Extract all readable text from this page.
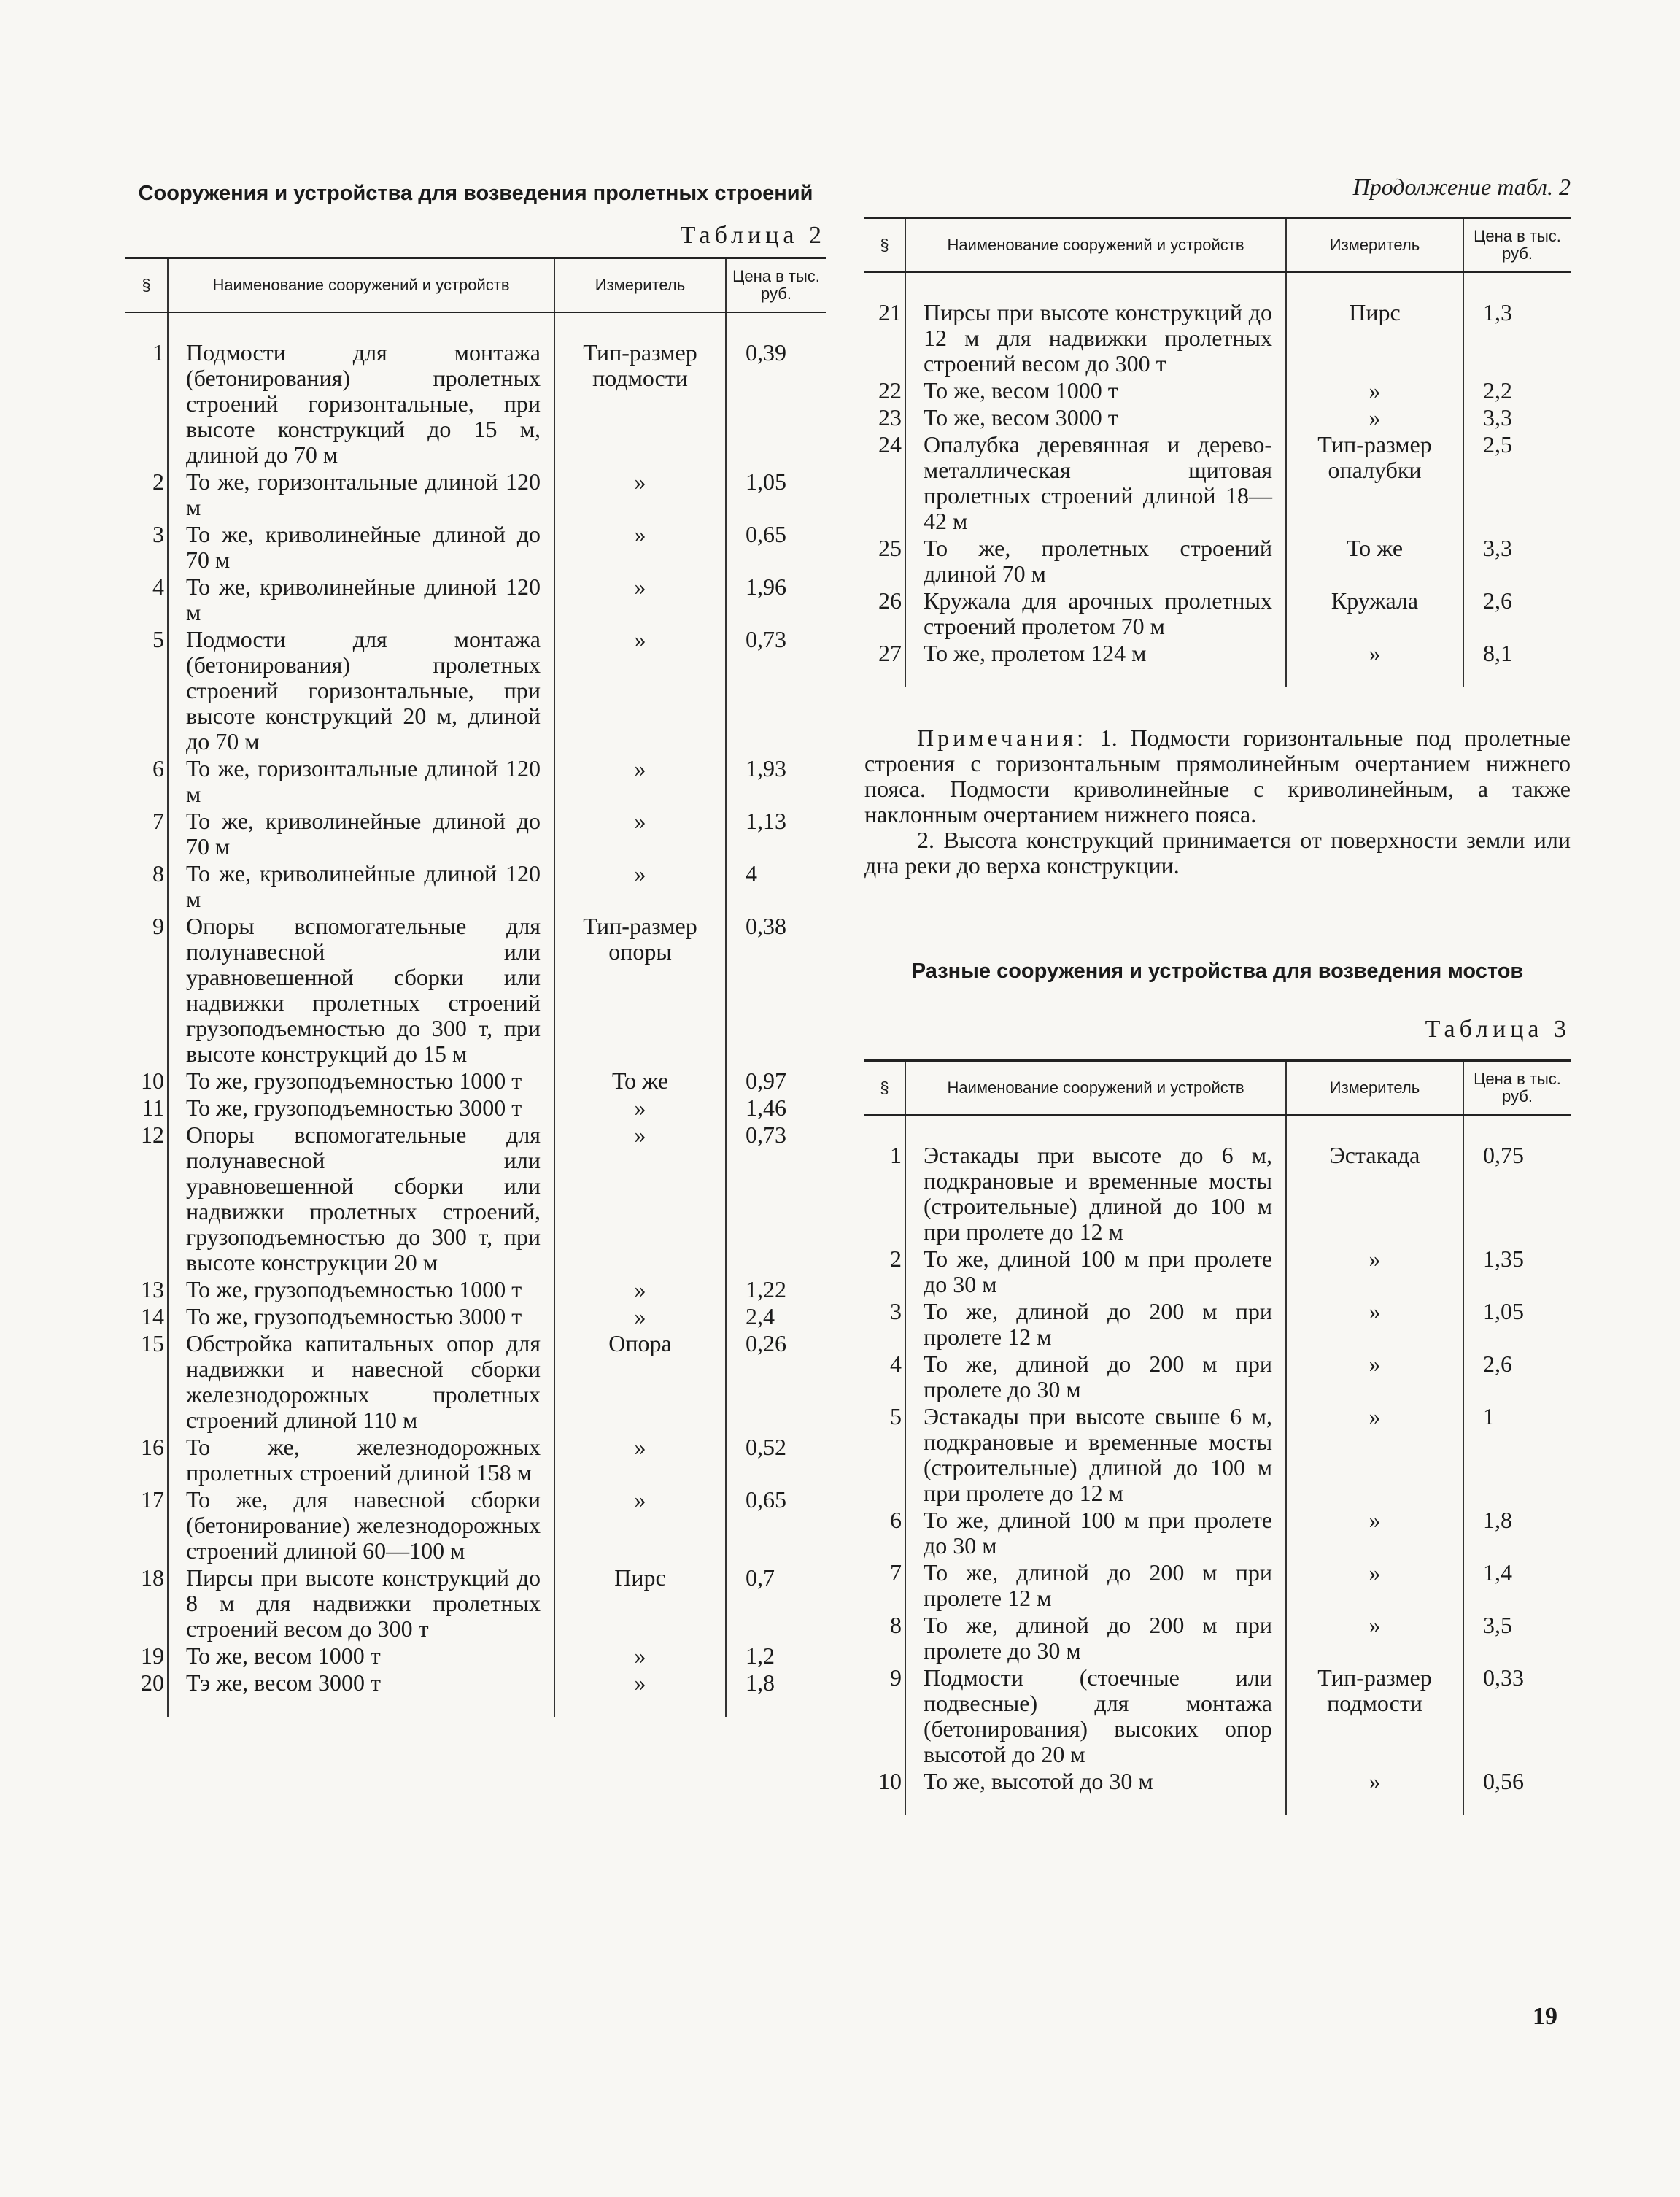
Сооружения и устройства для возведения пролетных строений
Таблица 2
§	Наименование сооружений и устройств	Измеритель	Цена в тыс. руб.

1	Подмости для монтажа (бетонирования) пролетных строений горизонтальные, при высоте конструкций до 15 м, длиной до 70 м	Тип-размер подмости	0,39
2	То же, горизонтальные длиной 120 м	»	1,05
3	То же, криволинейные длиной до 70 м	»	0,65
4	То же, криволинейные длиной 120 м	»	1,96
5	Подмости для монтажа (бетонирования) пролетных строений горизонтальные, при высоте конструкций 20 м, длиной до 70 м	»	0,73
6	То же, горизонтальные длиной 120 м	»	1,93
7	То же, криволинейные длиной до 70 м	»	1,13
8	То же, криволинейные длиной 120 м	»	4
9	Опоры вспомогательные для полунавесной или уравновешенной сборки или надвижки пролетных строений грузоподъемностью до 300 т, при высоте конструкций до 15 м	Тип-размер опоры	0,38
10	То же, грузоподъемностью 1000 т	То же	0,97
11	То же, грузоподъемностью 3000 т	»	1,46
12	Опоры вспомогательные для полунавесной или уравновешенной сборки или надвижки пролетных строений, грузоподъемностью до 300 т, при высоте конструкции 20 м	»	0,73
13	То же, грузоподъемностью 1000 т	»	1,22
14	То же, грузоподъемностью 3000 т	»	2,4
15	Обстройка капитальных опор для надвижки и навесной сборки железнодорожных пролетных строений длиной 110 м	Опора	0,26
16	То же, железнодорожных пролетных строений длиной 158 м	»	0,52
17	То же, для навесной сборки (бетонирование) железнодорожных строений длиной 60—100 м	»	0,65
18	Пирсы при высоте конструкций до 8 м для надвижки пролетных строений весом до 300 т	Пирс	0,7
19	То же, весом 1000 т	»	1,2
20	Тэ же, весом 3000 т	»	1,8

Продолжение табл. 2
§	Наименование сооружений и устройств	Измеритель	Цена в тыс. руб.

21	Пирсы при высоте конструкций до 12 м для надвижки пролетных строений весом до 300 т	Пирс	1,3
22	То же, весом 1000 т	»	2,2
23	То же, весом 3000 т	»	3,3
24	Опалубка деревянная и дерево-металлическая щитовая пролетных строений длиной 18—42 м	Тип-размер опалубки	2,5
25	То же, пролетных строений длиной 70 м	То же	3,3
26	Кружала для арочных пролетных строений пролетом 70 м	Кружала	2,6
27	То же, пролетом 124 м	»	8,1

Примечания: 1. Подмости горизонтальные под пролетные строения с горизонтальным прямолинейным очертанием нижнего пояса. Подмости криволинейные с криволинейным, а также наклонным очертанием нижнего пояса.

2. Высота конструкций принимается от поверхности земли или дна реки до верха конструкции.

Разные сооружения и устройства для возведения мостов
Таблица 3
§	Наименование сооружений и устройств	Измеритель	Цена в тыс. руб.

1	Эстакады при высоте до 6 м, подкрановые и временные мосты (строительные) длиной до 100 м при пролете до 12 м	Эстакада	0,75
2	То же, длиной 100 м при пролете до 30 м	»	1,35
3	То же, длиной до 200 м при пролете 12 м	»	1,05
4	То же, длиной до 200 м при пролете до 30 м	»	2,6
5	Эстакады при высоте свыше 6 м, подкрановые и временные мосты (строительные) длиной до 100 м при пролете до 12 м	»	1
6	То же, длиной 100 м при пролете до 30 м	»	1,8
7	То же, длиной до 200 м при пролете 12 м	»	1,4
8	То же, длиной до 200 м при пролете до 30 м	»	3,5
9	Подмости (стоечные или подвесные) для монтажа (бетонирования) высоких опор высотой до 20 м	Тип-размер подмости	0,33
10	То же, высотой до 30 м	»	0,56

19
